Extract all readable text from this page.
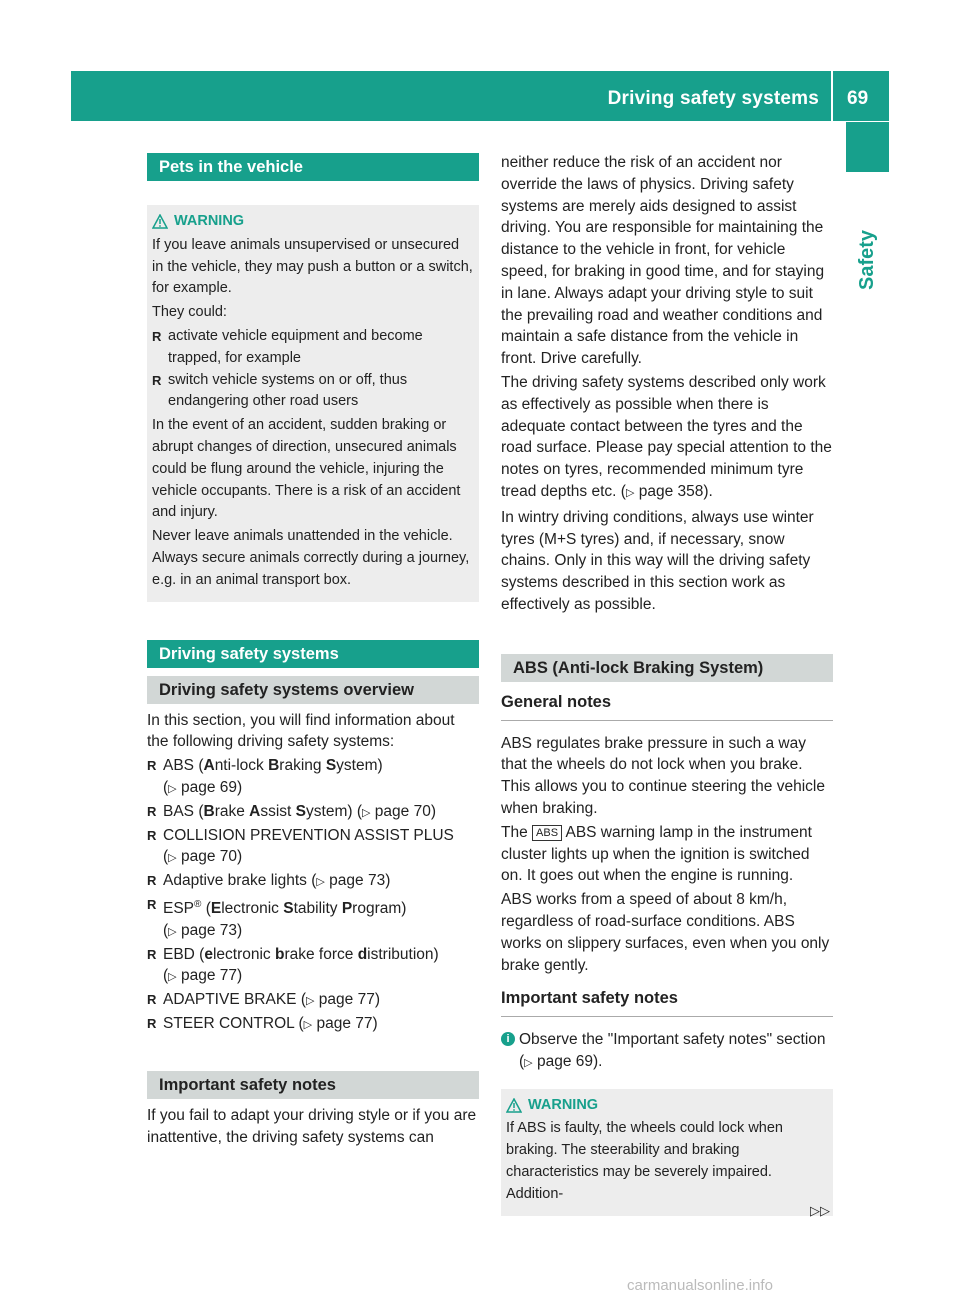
Driving safety systems 69
Safety
Pets in the vehicle
WARNING

If you leave animals unsupervised or unsecured in the vehicle, they may push a button or a switch, for example.

They could:

R activate vehicle equipment and become trapped, for example
R switch vehicle systems on or off, thus endangering other road users

In the event of an accident, sudden braking or abrupt changes of direction, unsecured animals could be flung around the vehicle, injuring the vehicle occupants. There is a risk of an accident and injury.

Never leave animals unattended in the vehicle. Always secure animals correctly during a journey, e.g. in an animal transport box.

Driving safety systems
Driving safety systems overview

In this section, you will find information about the following driving safety systems:

R ABS (Anti-lock Braking System)
(▷ page 69)
R BAS (Brake Assist System) (▷ page 70)
R COLLISION PREVENTION ASSIST PLUS
(▷ page 70)
R Adaptive brake lights (▷ page 73)
R ESP® (Electronic Stability Program)
(▷ page 73)
R EBD (electronic brake force distribution)
(▷ page 77)
R ADAPTIVE BRAKE (▷ page 77)
R STEER CONTROL (▷ page 77)
Important safety notes

If you fail to adapt your driving style or if you are inattentive, the driving safety systems can

neither reduce the risk of an accident nor override the laws of physics. Driving safety systems are merely aids designed to assist driving. You are responsible for maintaining the distance to the vehicle in front, for vehicle speed, for braking in good time, and for staying in lane. Always adapt your driving style to suit the prevailing road and weather conditions and maintain a safe distance from the vehicle in front. Drive carefully.

The driving safety systems described only work as effectively as possible when there is adequate contact between the tyres and the road surface. Please pay special attention to the notes on tyres, recommended minimum tyre tread depths etc. (▷ page 358).

In wintry driving conditions, always use winter tyres (M+S tyres) and, if necessary, snow chains. Only in this way will the driving safety systems described in this section work as effectively as possible.

ABS (Anti-lock Braking System)
General notes

ABS regulates brake pressure in such a way that the wheels do not lock when you brake. This allows you to continue steering the vehicle when braking.

The ABS ABS warning lamp in the instrument cluster lights up when the ignition is switched on. It goes out when the engine is running.

ABS works from a speed of about 8 km/h, regardless of road-surface conditions. ABS works on slippery surfaces, even when you only brake gently.

Important safety notes
i Observe the "Important safety notes" section (▷ page 69).
WARNING

If ABS is faulty, the wheels could lock when braking. The steerability and braking characteristics may be severely impaired. Addition-

▷▷
carmanualsonline.info
